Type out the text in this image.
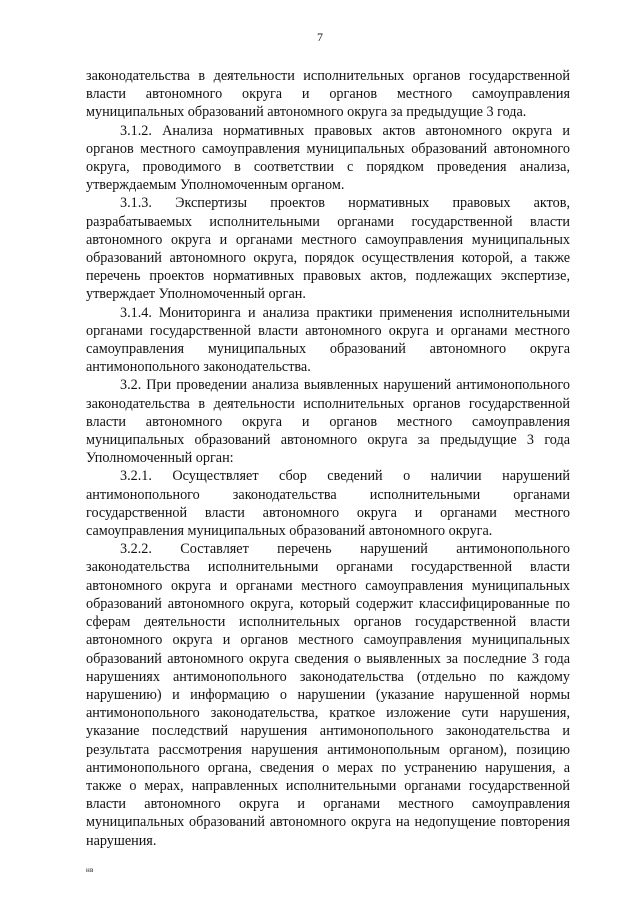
7

законодательства в деятельности исполнительных органов государственной власти автономного округа и органов местного самоуправления муниципальных образований автономного округа за предыдущие 3 года.

3.1.2. Анализа нормативных правовых актов автономного округа и органов местного самоуправления муниципальных образований автономного округа, проводимого в соответствии с порядком проведения анализа, утверждаемым Уполномоченным органом.

3.1.3. Экспертизы проектов нормативных правовых актов, разрабатываемых исполнительными органами государственной власти автономного округа и органами местного самоуправления муниципальных образований автономного округа, порядок осуществления которой, а также перечень проектов нормативных правовых актов, подлежащих экспертизе, утверждает Уполномоченный орган.

3.1.4. Мониторинга и анализа практики применения исполнительными органами государственной власти автономного округа и органами местного самоуправления муниципальных образований автономного округа антимонопольного законодательства.

3.2. При проведении анализа выявленных нарушений антимонопольного законодательства в деятельности исполнительных органов государственной власти автономного округа и органов местного самоуправления муниципальных образований автономного округа за предыдущие 3 года Уполномоченный орган:

3.2.1. Осуществляет сбор сведений о наличии нарушений антимонопольного законодательства исполнительными органами государственной власти автономного округа и органами местного самоуправления муниципальных образований автономного округа.

3.2.2. Составляет перечень нарушений антимонопольного законодательства исполнительными органами государственной власти автономного округа и органами местного самоуправления муниципальных образований автономного округа, который содержит классифицированные по сферам деятельности исполнительных органов государственной власти автономного округа и органов местного самоуправления муниципальных образований автономного округа сведения о выявленных за последние 3 года нарушениях антимонопольного законодательства (отдельно по каждому нарушению) и информацию о нарушении (указание нарушенной нормы антимонопольного законодательства, краткое изложение сути нарушения, указание последствий нарушения антимонопольного законодательства и результата рассмотрения нарушения антимонопольным органом), позицию антимонопольного органа, сведения о мерах по устранению нарушения, а также о мерах, направленных исполнительными органами государственной власти автономного округа и органами местного самоуправления муниципальных образований автономного округа на недопущение повторения нарушения.

нв
